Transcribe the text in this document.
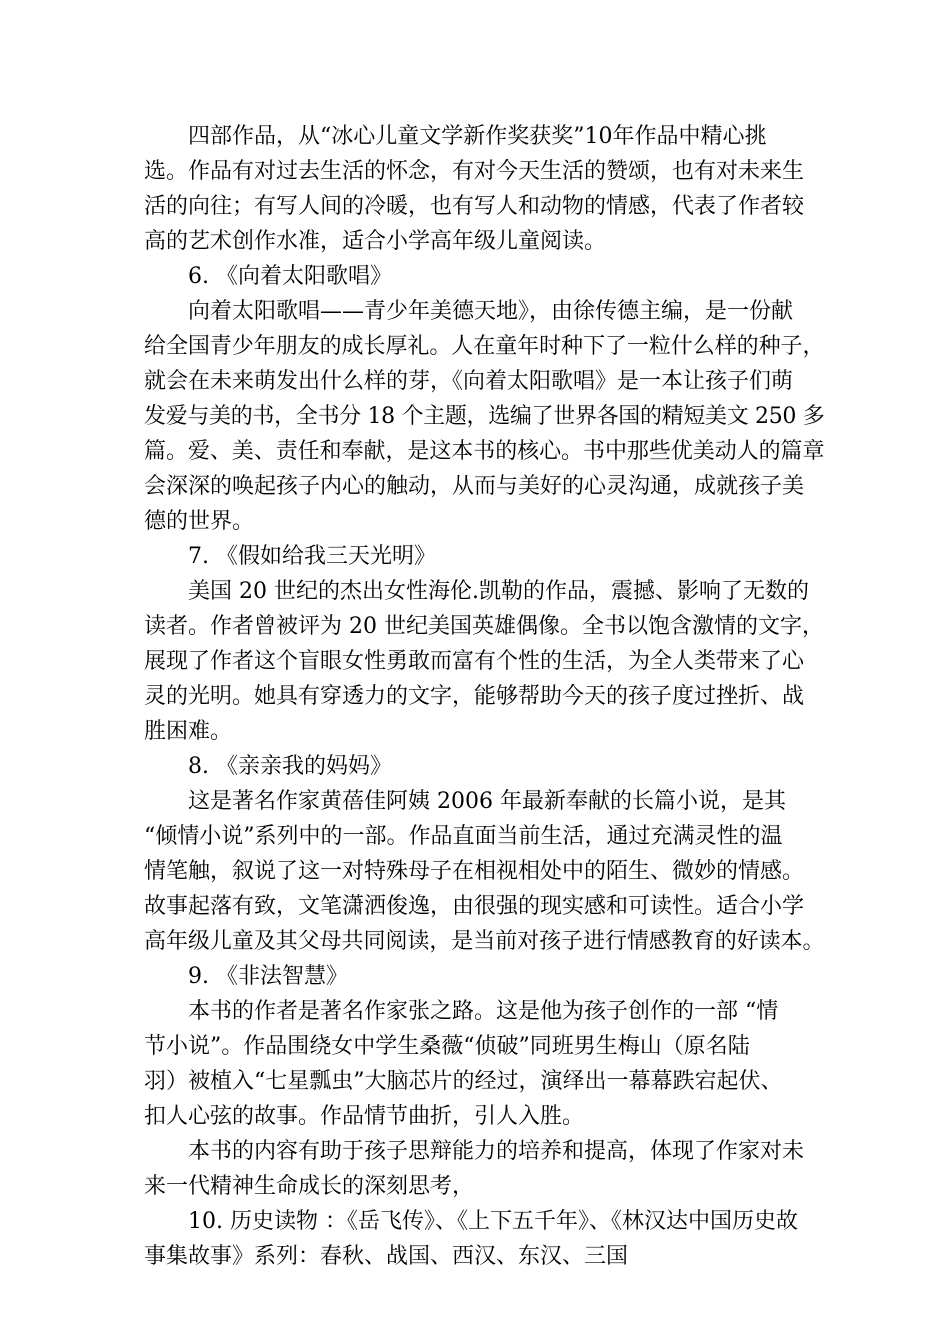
四部作品，从“冰心儿童文学新作奖获奖”10年作品中精心挑
选。作品有对过去生活的怀念，有对今天生活的赞颂，也有对未来生
活的向往；有写人间的冷暖，也有写人和动物的情感，代表了作者较
高的艺术创作水准，适合小学高年级儿童阅读。
6. 《向着太阳歌唱》
向着太阳歌唱——青少年美德天地》，由徐传德主编，是一份献
给全国青少年朋友的成长厚礼。人在童年时种下了一粒什么样的种子，
就会在未来萌发出什么样的芽，《向着太阳歌唱》是一本让孩子们萌
发爱与美的书，全书分 18 个主题，选编了世界各国的精短美文 250 多
篇。爱、美、责任和奉献，是这本书的核心。书中那些优美动人的篇章
会深深的唤起孩子内心的触动，从而与美好的心灵沟通，成就孩子美
德的世界。
7. 《假如给我三天光明》
美国 20 世纪的杰出女性海伦.凯勒的作品，震撼、影响了无数的
读者。作者曾被评为 20 世纪美国英雄偶像。全书以饱含激情的文字，
展现了作者这个盲眼女性勇敢而富有个性的生活，为全人类带来了心
灵的光明。她具有穿透力的文字，能够帮助今天的孩子度过挫折、战
胜困难。
8. 《亲亲我的妈妈》
这是著名作家黄蓓佳阿姨 2006 年最新奉献的长篇小说，是其
“倾情小说”系列中的一部。作品直面当前生活，通过充满灵性的温
情笔触，叙说了这一对特殊母子在相视相处中的陌生、微妙的情感。
故事起落有致，文笔潇洒俊逸，由很强的现实感和可读性。适合小学
高年级儿童及其父母共同阅读，是当前对孩子进行情感教育的好读本。
9. 《非法智慧》
本书的作者是著名作家张之路。这是他为孩子创作的一部 “情
节小说”。作品围绕女中学生桑薇“侦破”同班男生梅山（原名陆
羽）被植入“七星瓢虫”大脑芯片的经过，演绎出一幕幕跌宕起伏、
扣人心弦的故事。作品情节曲折，引人入胜。
本书的内容有助于孩子思辩能力的培养和提高，体现了作家对未
来一代精神生命成长的深刻思考，
10. 历史读物 ：《岳飞传》、《上下五千年》、《林汉达中国历史故
事集故事》系列：春秋、战国、西汉、东汉、三国
